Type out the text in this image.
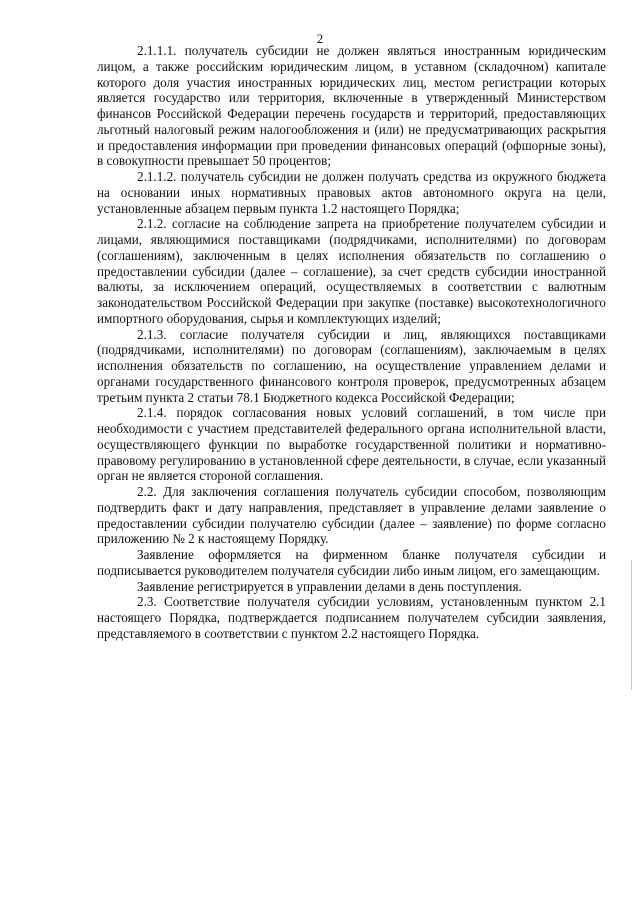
2

2.1.1.1. получатель субсидии не должен являться иностранным юридическим лицом, а также российским юридическим лицом, в уставном (складочном) капитале которого доля участия иностранных юридических лиц, местом регистрации которых является государство или территория, включенные в утвержденный Министерством финансов Российской Федерации перечень государств и территорий, предоставляющих льготный налоговый режим налогообложения и (или) не предусматривающих раскрытия и предоставления информации при проведении финансовых операций (офшорные зоны), в совокупности превышает 50 процентов;

2.1.1.2. получатель субсидии не должен получать средства из окружного бюджета на основании иных нормативных правовых актов автономного округа на цели, установленные абзацем первым пункта 1.2 настоящего Порядка;

2.1.2. согласие на соблюдение запрета на приобретение получателем субсидии и лицами, являющимися поставщиками (подрядчиками, исполнителями) по договорам (соглашениям), заключенным в целях исполнения обязательств по соглашению о предоставлении субсидии (далее – соглашение), за счет средств субсидии иностранной валюты, за исключением операций, осуществляемых в соответствии с валютным законодательством Российской Федерации при закупке (поставке) высокотехнологичного импортного оборудования, сырья и комплектующих изделий;

2.1.3. согласие получателя субсидии и лиц, являющихся поставщиками (подрядчиками, исполнителями) по договорам (соглашениям), заключаемым в целях исполнения обязательств по соглашению, на осуществление управлением делами и органами государственного финансового контроля проверок, предусмотренных абзацем третьим пункта 2 статьи 78.1 Бюджетного кодекса Российской Федерации;

2.1.4. порядок согласования новых условий соглашений, в том числе при необходимости с участием представителей федерального органа исполнительной власти, осуществляющего функции по выработке государственной политики и нормативно-правовому регулированию в установленной сфере деятельности, в случае, если указанный орган не является стороной соглашения.

2.2. Для заключения соглашения получатель субсидии способом, позволяющим подтвердить факт и дату направления, представляет в управление делами заявление о предоставлении субсидии получателю субсидии (далее – заявление) по форме согласно приложению № 2 к настоящему Порядку.

Заявление оформляется на фирменном бланке получателя субсидии и подписывается руководителем получателя субсидии либо иным лицом, его замещающим.

Заявление регистрируется в управлении делами в день поступления.

2.3. Соответствие получателя субсидии условиям, установленным пунктом 2.1 настоящего Порядка, подтверждается подписанием получателем субсидии заявления, представляемого в соответствии с пунктом 2.2 настоящего Порядка.
